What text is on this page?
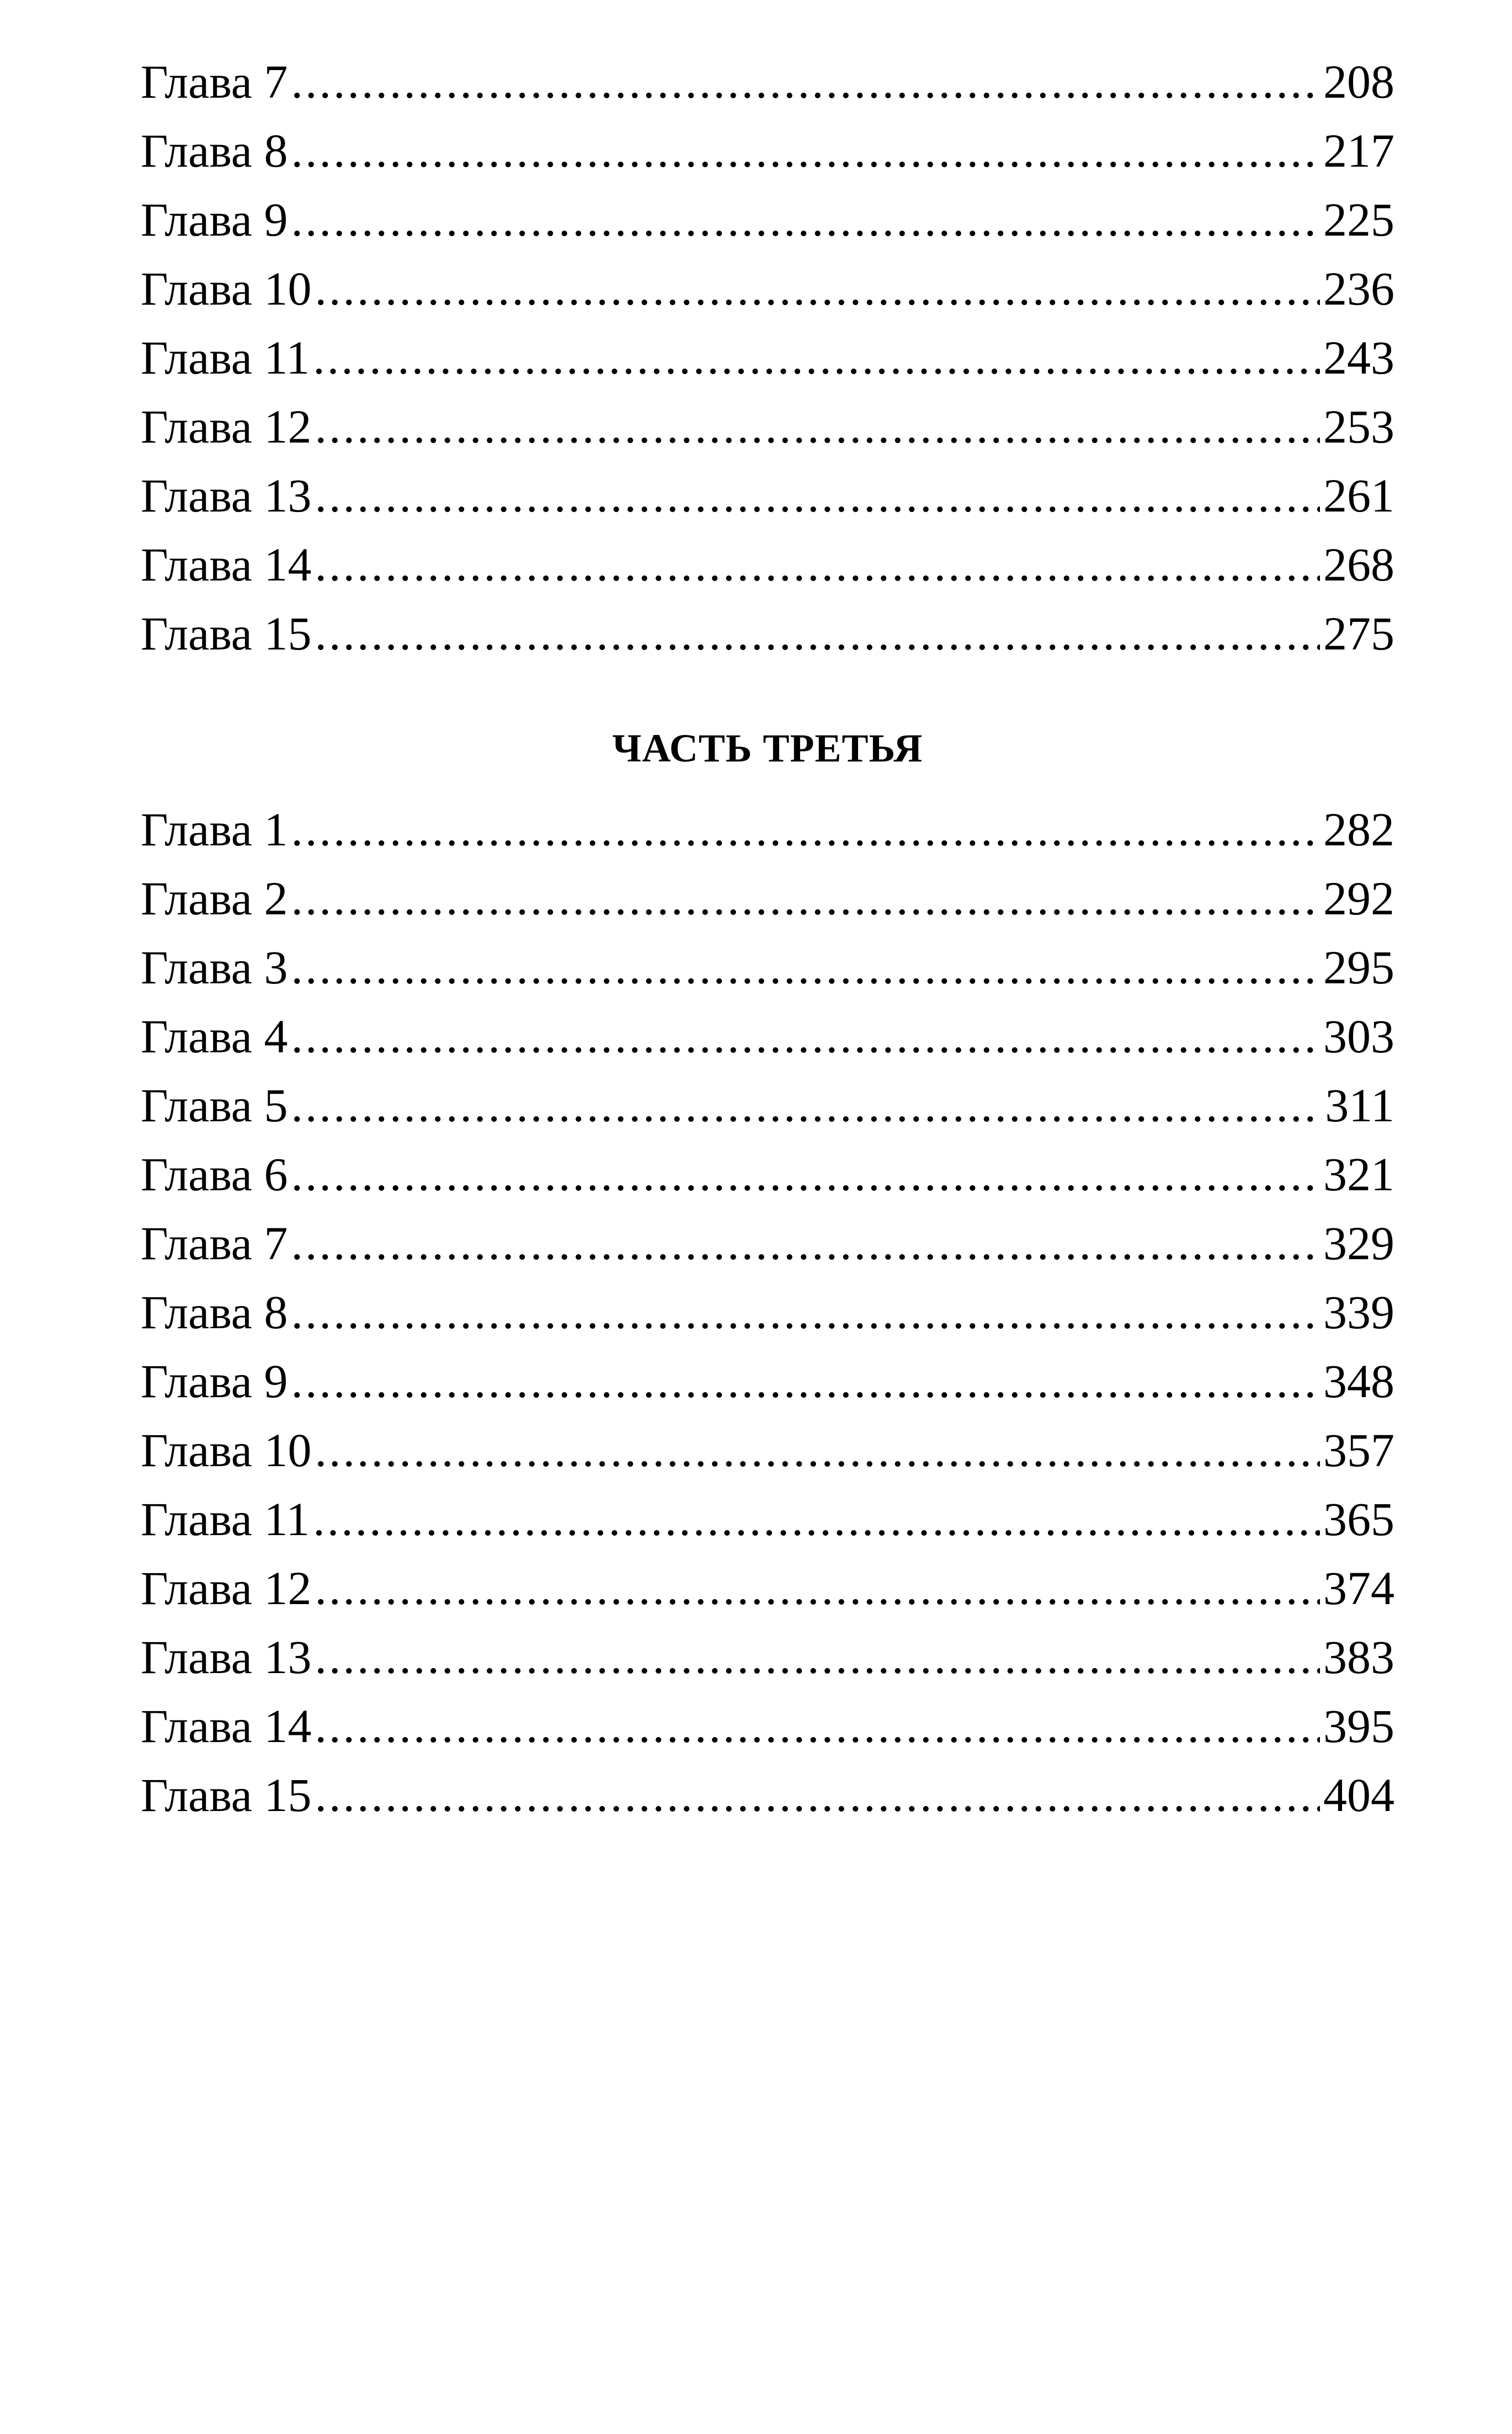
Глава 7 .....	208
Глава 8 .....	217
Глава 9 .....	225
Глава 10 .....	236
Глава 11 .....	243
Глава 12 .....	253
Глава 13 .....	261
Глава 14 .....	268
Глава 15 .....	275
ЧАСТЬ ТРЕТЬЯ
Глава 1 .....	282
Глава 2 .....	292
Глава 3 .....	295
Глава 4 .....	303
Глава 5 .....	311
Глава 6 .....	321
Глава 7 .....	329
Глава 8 .....	339
Глава 9 .....	348
Глава 10 .....	357
Глава 11 .....	365
Глава 12 .....	374
Глава 13 .....	383
Глава 14 .....	395
Глава 15 .....	404
